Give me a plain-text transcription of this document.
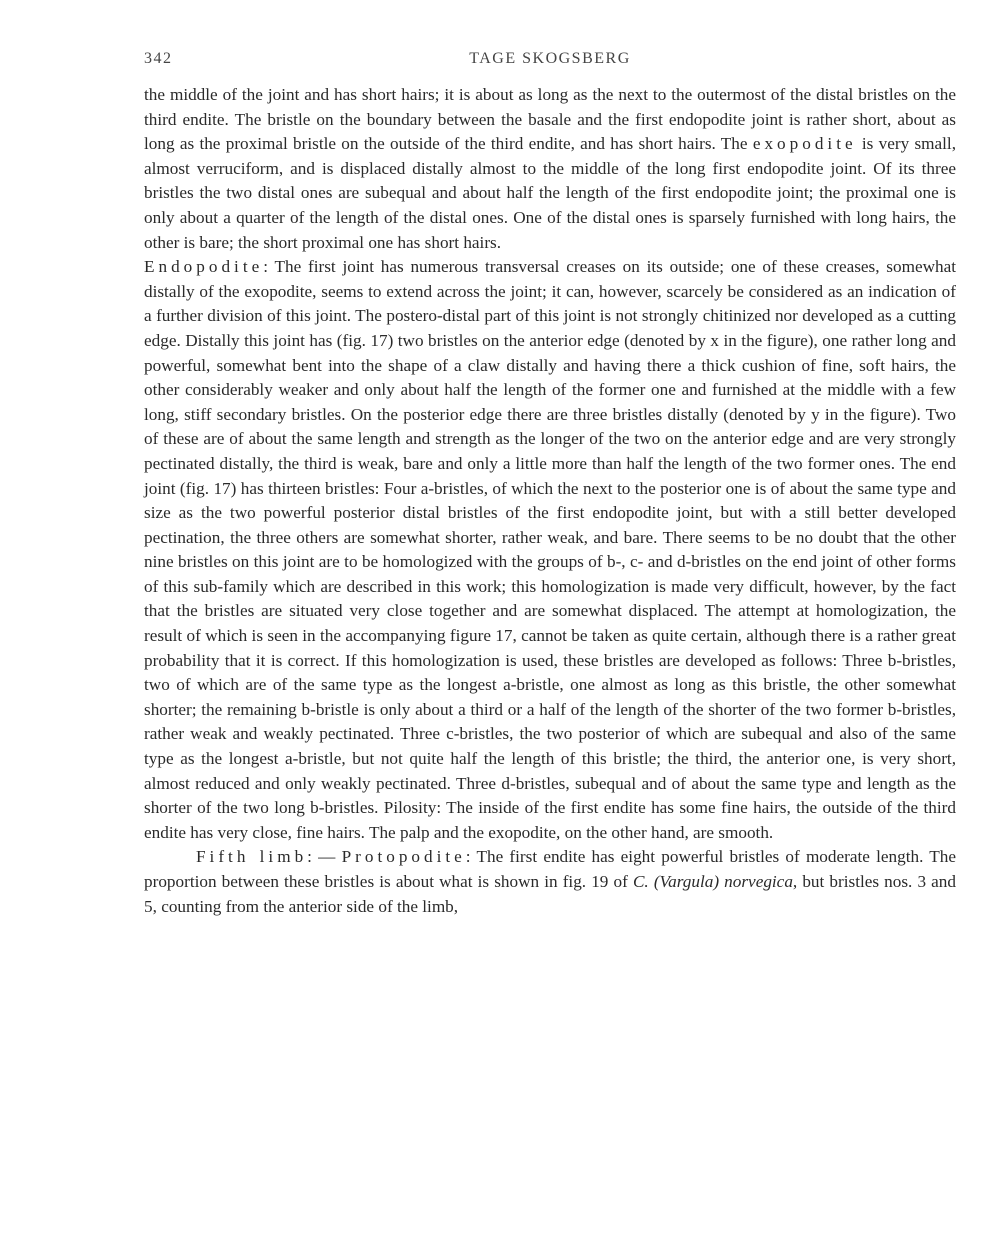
342	TAGE SKOGSBERG

the middle of the joint and has short hairs; it is about as long as the next to the outermost of the distal bristles on the third endite. The bristle on the boundary between the basale and the first endopodite joint is rather short, about as long as the proximal bristle on the outside of the third endite, and has short hairs. The exopodite is very small, almost verruciform, and is displaced distally almost to the middle of the long first endopodite joint. Of its three bristles the two distal ones are subequal and about half the length of the first endopodite joint; the proximal one is only about a quarter of the length of the distal ones. One of the distal ones is sparsely furnished with long hairs, the other is bare; the short proximal one has short hairs.

Endopodite: The first joint has numerous transversal creases on its outside; one of these creases, somewhat distally of the exopodite, seems to extend across the joint; it can, however, scarcely be considered as an indication of a further division of this joint. The postero-distal part of this joint is not strongly chitinized nor developed as a cutting edge. Distally this joint has (fig. 17) two bristles on the anterior edge (denoted by x in the figure), one rather long and powerful, somewhat bent into the shape of a claw distally and having there a thick cushion of fine, soft hairs, the other considerably weaker and only about half the length of the former one and furnished at the middle with a few long, stiff secondary bristles. On the posterior edge there are three bristles distally (denoted by y in the figure). Two of these are of about the same length and strength as the longer of the two on the anterior edge and are very strongly pectinated distally, the third is weak, bare and only a little more than half the length of the two former ones. The end joint (fig. 17) has thirteen bristles: Four a-bristles, of which the next to the posterior one is of about the same type and size as the two powerful posterior distal bristles of the first endopodite joint, but with a still better developed pectination, the three others are somewhat shorter, rather weak, and bare. There seems to be no doubt that the other nine bristles on this joint are to be homologized with the groups of b-, c- and d-bristles on the end joint of other forms of this sub-family which are described in this work; this homologization is made very difficult, however, by the fact that the bristles are situated very close together and are somewhat displaced. The attempt at homologization, the result of which is seen in the accompanying figure 17, cannot be taken as quite certain, although there is a rather great probability that it is correct. If this homologization is used, these bristles are developed as follows: Three b-bristles, two of which are of the same type as the longest a-bristle, one almost as long as this bristle, the other somewhat shorter; the remaining b-bristle is only about a third or a half of the length of the shorter of the two former b-bristles, rather weak and weakly pectinated. Three c-bristles, the two posterior of which are subequal and also of the same type as the longest a-bristle, but not quite half the length of this bristle; the third, the anterior one, is very short, almost reduced and only weakly pectinated. Three d-bristles, subequal and of about the same type and length as the shorter of the two long b-bristles. Pilosity: The inside of the first endite has some fine hairs, the outside of the third endite has very close, fine hairs. The palp and the exopodite, on the other hand, are smooth.

Fifth limb: — Protopodite: The first endite has eight powerful bristles of moderate length. The proportion between these bristles is about what is shown in fig. 19 of C. (Vargula) norvegica, but bristles nos. 3 and 5, counting from the anterior side of the limb,
